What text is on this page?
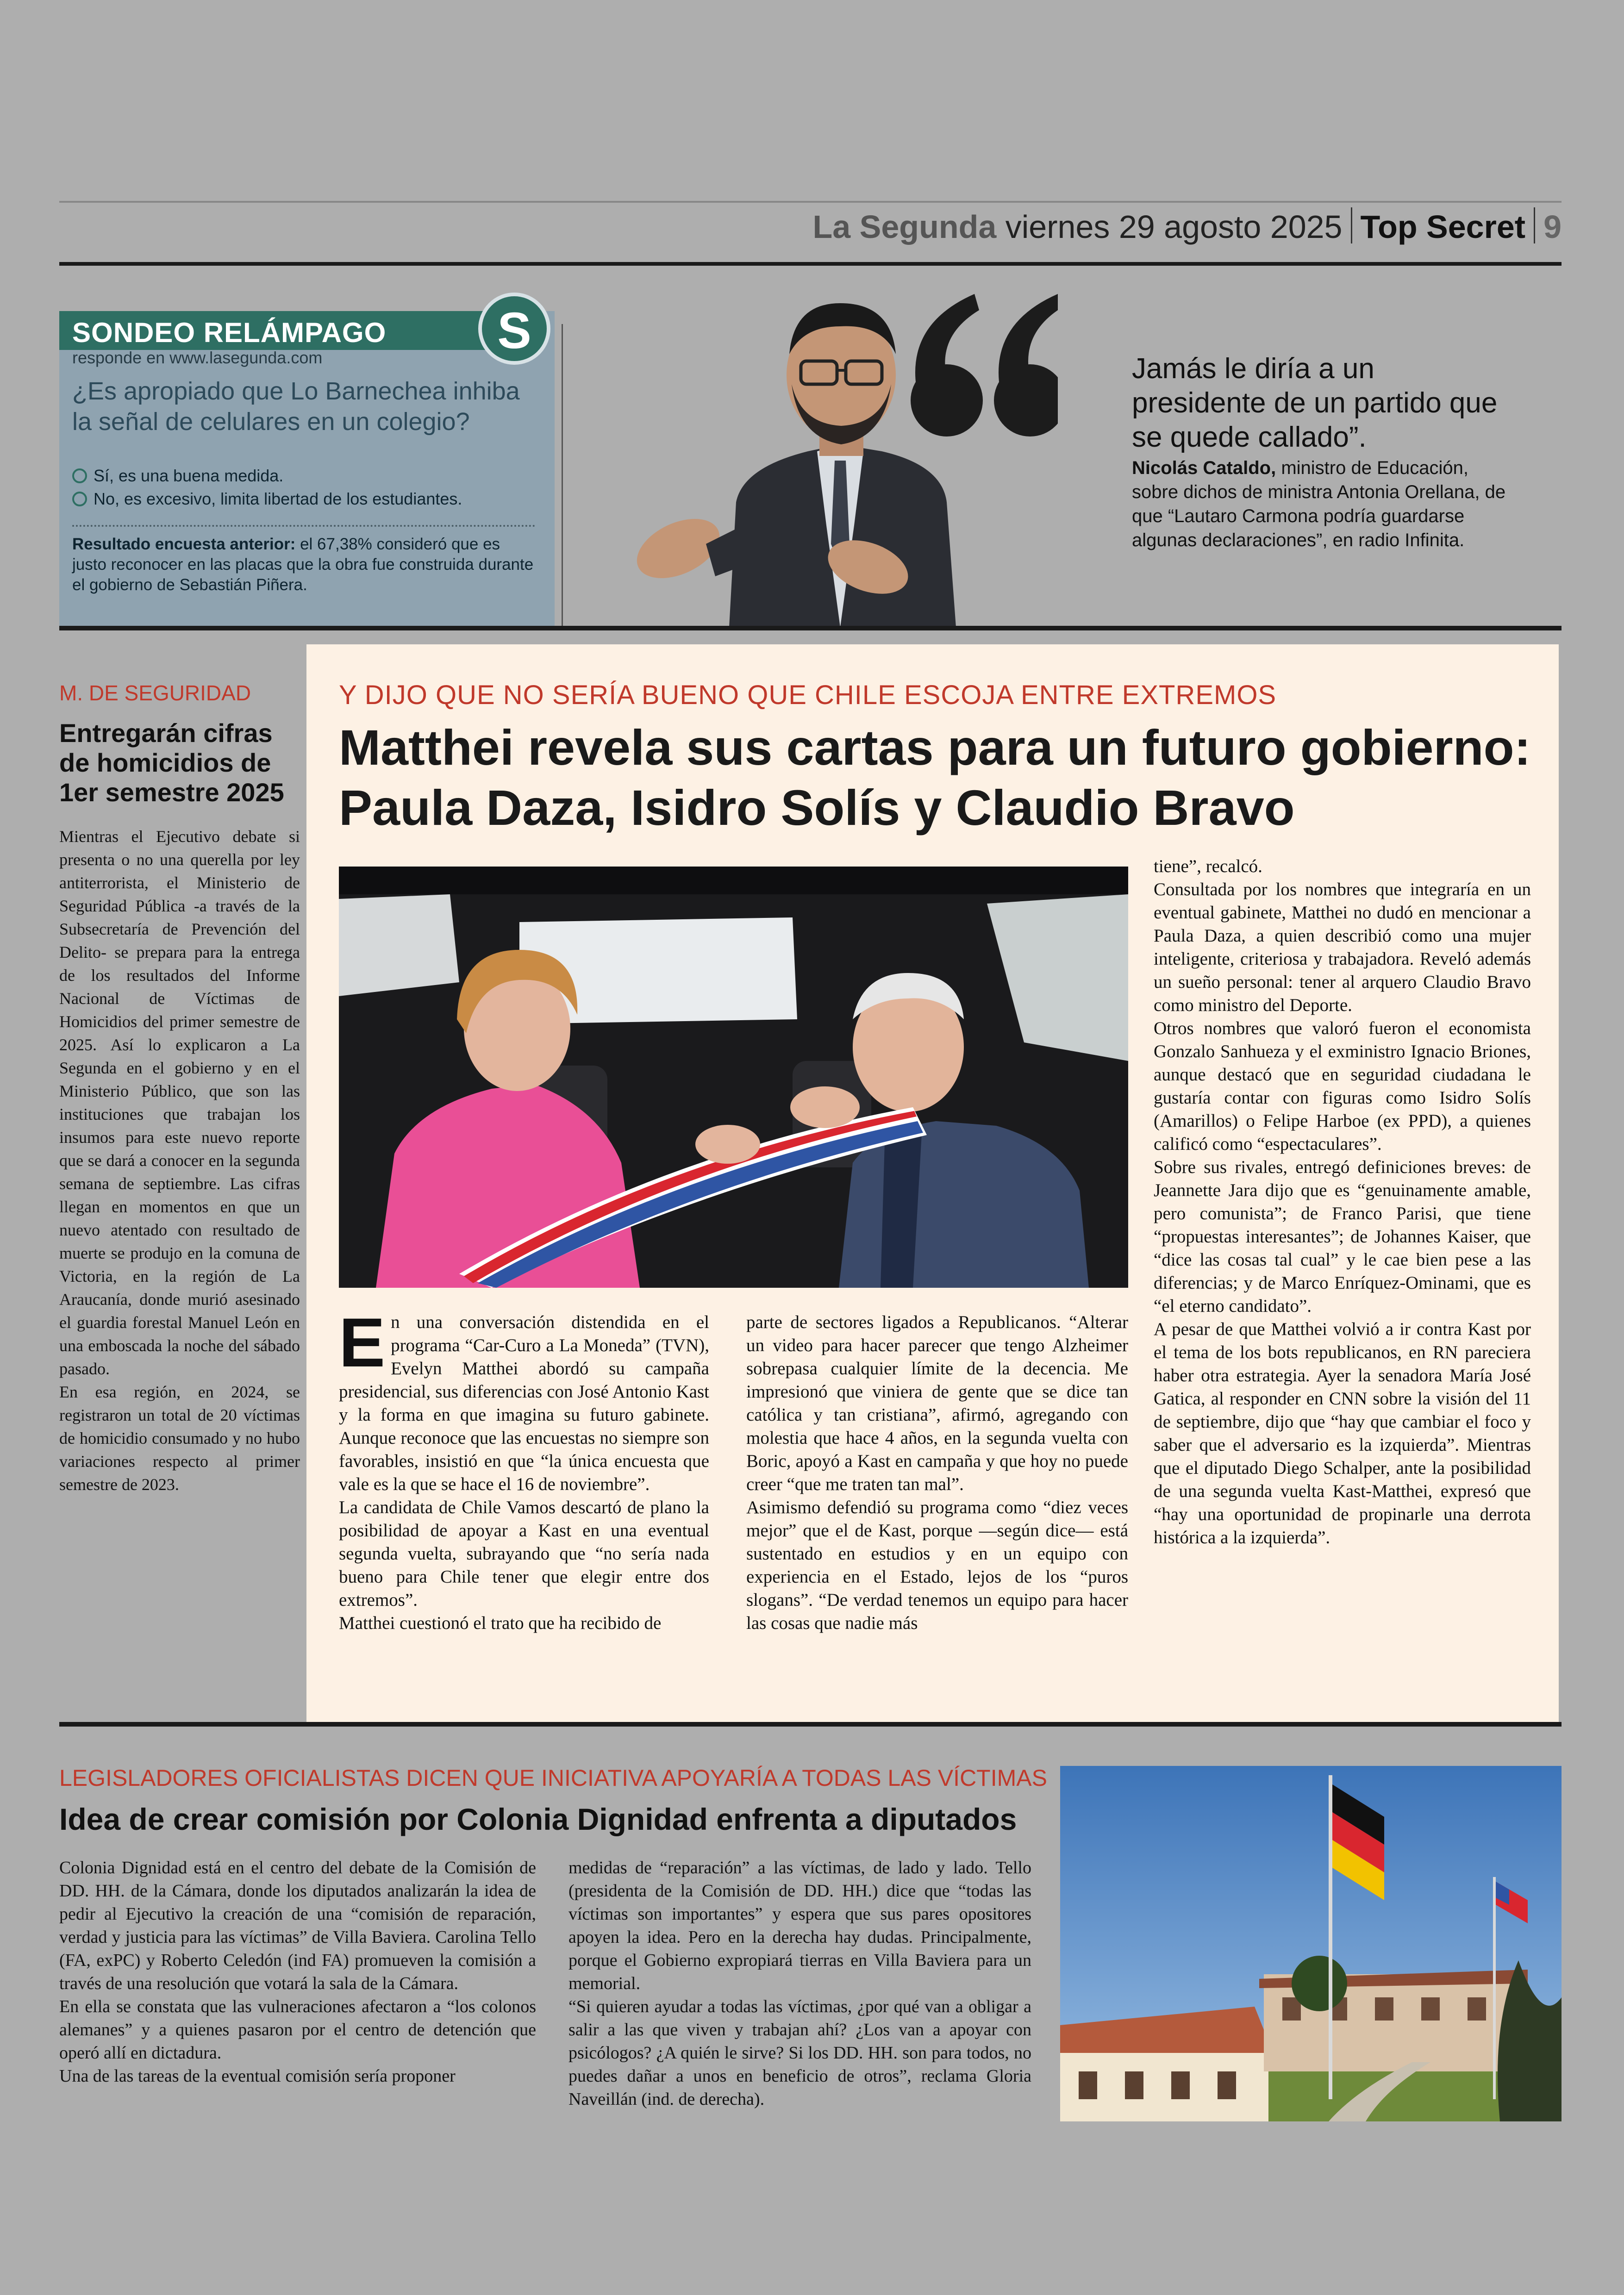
La Segunda viernes 29 agosto 2025 Top Secret 9
SONDEO RELÁMPAGO	S
responde en www.lasegunda.com
¿Es apropiado que Lo Barnechea inhiba la señal de celulares en un colegio?
Sí, es una buena medida.
No, es excesivo, limita libertad de los estudiantes.
Resultado encuesta anterior: el 67,38% consideró que es justo reconocer en las placas que la obra fue construida durante el gobierno de Sebastián Piñera.
Jamás le diría a un presidente de un partido que se quede callado”.
Nicolás Cataldo, ministro de Educación, sobre dichos de ministra Antonia Orellana, de que “Lautaro Carmona podría guardarse algunas declaraciones”, en radio Infinita.
M. DE SEGURIDAD
Entregarán cifras de homicidios de 1er semestre 2025

Mientras el Ejecutivo debate si presenta o no una querella por ley antiterrorista, el Ministerio de Seguridad Pública -a través de la Subsecretaría de Prevención del Delito- se prepara para la entrega de los resultados del Informe Nacional de Víctimas de Homicidios del primer semestre de 2025. Así lo explicaron a La Segunda en el gobierno y en el Ministerio Público, que son las instituciones que trabajan los insumos para este nuevo reporte que se dará a conocer en la segunda semana de septiembre. Las cifras llegan en momentos en que un nuevo atentado con resultado de muerte se produjo en la comuna de Victoria, en la región de La Araucanía, donde murió asesinado el guardia forestal Manuel León en una emboscada la noche del sábado pasado.

En esa región, en 2024, se registraron un total de 20 víctimas de homicidio consumado y no hubo variaciones respecto al primer semestre de 2023.

Y DIJO QUE NO SERÍA BUENO QUE CHILE ESCOJA ENTRE EXTREMOS
Matthei revela sus cartas para un futuro gobierno:
Paula Daza, Isidro Solís y Claudio Bravo

En una conversación distendida en el programa “Car-Curo a La Moneda” (TVN), Evelyn Matthei abordó su campaña presidencial, sus diferencias con José Antonio Kast y la forma en que imagina su futuro gabinete. Aunque reconoce que las encuestas no siempre son favorables, insistió en que “la única encuesta que vale es la que se hace el 16 de noviembre”.

La candidata de Chile Vamos descartó de plano la posibilidad de apoyar a Kast en una eventual segunda vuelta, subrayando que “no sería nada bueno para Chile tener que elegir entre dos extremos”.

Matthei cuestionó el trato que ha recibido de

parte de sectores ligados a Republicanos. “Alterar un video para hacer parecer que tengo Alzheimer sobrepasa cualquier límite de la decencia. Me impresionó que viniera de gente que se dice tan católica y tan cristiana”, afirmó, agregando con molestia que hace 4 años, en la segunda vuelta con Boric, apoyó a Kast en campaña y que hoy no puede creer “que me traten tan mal”.

Asimismo defendió su programa como “diez veces mejor” que el de Kast, porque —según dice— está sustentado en estudios y en un equipo con experiencia en el Estado, lejos de los “puros slogans”. “De verdad tenemos un equipo para hacer las cosas que nadie más

tiene”, recalcó.

Consultada por los nombres que integraría en un eventual gabinete, Matthei no dudó en mencionar a Paula Daza, a quien describió como una mujer inteligente, criteriosa y trabajadora. Reveló además un sueño personal: tener al arquero Claudio Bravo como ministro del Deporte.

Otros nombres que valoró fueron el economista Gonzalo Sanhueza y el exministro Ignacio Briones, aunque destacó que en seguridad ciudadana le gustaría contar con figuras como Isidro Solís (Amarillos) o Felipe Harboe (ex PPD), a quienes calificó como “espectaculares”.

Sobre sus rivales, entregó definiciones breves: de Jeannette Jara dijo que es “genuinamente amable, pero comunista”; de Franco Parisi, que tiene “propuestas interesantes”; de Johannes Kaiser, que “dice las cosas tal cual” y le cae bien pese a las diferencias; y de Marco Enríquez-Ominami, que es “el eterno candidato”.

A pesar de que Matthei volvió a ir contra Kast por el tema de los bots republicanos, en RN pareciera haber otra estrategia. Ayer la senadora María José Gatica, al responder en CNN sobre la visión del 11 de septiembre, dijo que “hay que cambiar el foco y saber que el adversario es la izquierda”. Mientras que el diputado Diego Schalper, ante la posibilidad de una segunda vuelta Kast-Matthei, expresó que “hay una oportunidad de propinarle una derrota histórica a la izquierda”.

LEGISLADORES OFICIALISTAS DICEN QUE INICIATIVA APOYARÍA A TODAS LAS VÍCTIMAS
Idea de crear comisión por Colonia Dignidad enfrenta a diputados

Colonia Dignidad está en el centro del debate de la Comisión de DD. HH. de la Cámara, donde los diputados analizarán la idea de pedir al Ejecutivo la creación de una “comisión de reparación, verdad y justicia para las víctimas” de Villa Baviera. Carolina Tello (FA, exPC) y Roberto Celedón (ind FA) promueven la comisión a través de una resolución que votará la sala de la Cámara.

En ella se constata que las vulneraciones afectaron a “los colonos alemanes” y a quienes pasaron por el centro de detención que operó allí en dictadura.

Una de las tareas de la eventual comisión sería proponer

medidas de “reparación” a las víctimas, de lado y lado. Tello (presidenta de la Comisión de DD. HH.) dice que “todas las víctimas son importantes” y espera que sus pares opositores apoyen la idea. Pero en la derecha hay dudas. Principalmente, porque el Gobierno expropiará tierras en Villa Baviera para un memorial.

“Si quieren ayudar a todas las víctimas, ¿por qué van a obligar a salir a las que viven y trabajan ahí? ¿Los van a apoyar con psicólogos? ¿A quién le sirve? Si los DD. HH. son para todos, no puedes dañar a unos en beneficio de otros”, reclama Gloria Naveillán (ind. de derecha).
